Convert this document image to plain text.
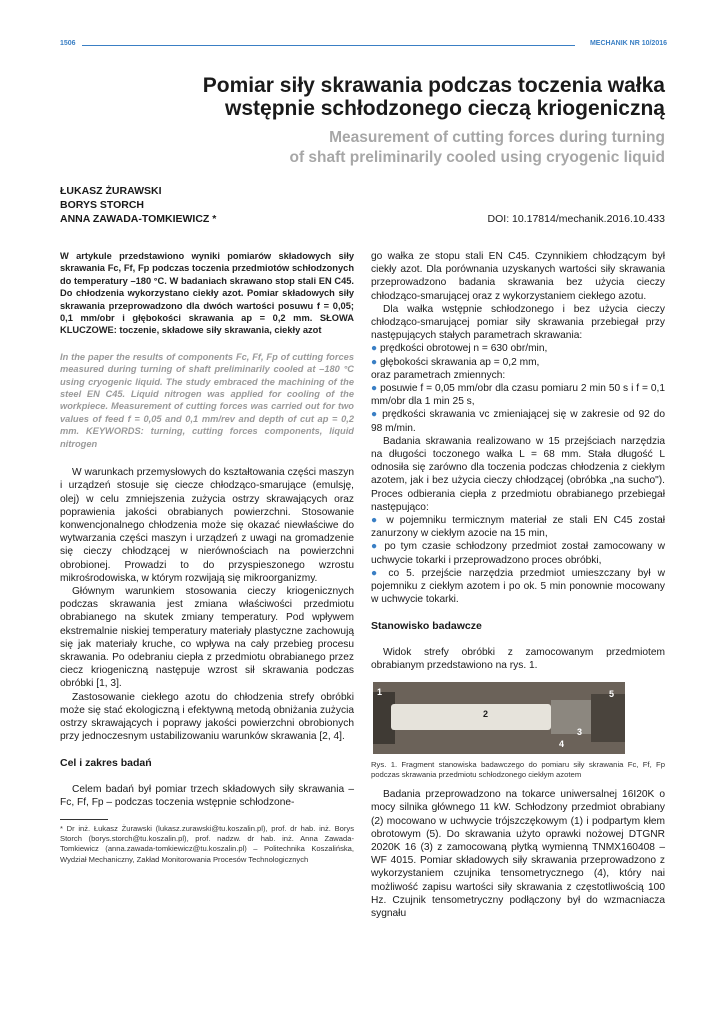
1506	MECHANIK NR 10/2016
Pomiar siły skrawania podczas toczenia wałka
wstępnie schłodzonego cieczą kriogeniczną
Measurement of cutting forces during turning
of shaft preliminarily cooled using cryogenic liquid
ŁUKASZ ŻURAWSKI
BORYS STORCH
ANNA ZAWADA-TOMKIEWICZ *	DOI: 10.17814/mechanik.2016.10.433

W artykule przedstawiono wyniki pomiarów składowych siły skrawania Fc, Ff, Fp podczas toczenia przedmiotów schłodzonych do temperatury –180 °C. W badaniach skrawano stop stali EN C45. Do chłodzenia wykorzystano ciekły azot. Pomiar składowych siły skrawania przeprowadzono dla dwóch wartości posuwu f = 0,05; 0,1 mm/obr i głębokości skrawania ap = 0,2 mm. SŁOWA KLUCZOWE: toczenie, składowe siły skrawania, ciekły azot

In the paper the results of components Fc, Ff, Fp of cutting forces measured during turning of shaft preliminarily cooled at –180 °C using cryogenic liquid. The study embraced the machining of the steel EN C45. Liquid nitrogen was applied for cooling of the workpiece. Measurement of cutting forces was carried out for two values of feed f = 0,05 and 0,1 mm/rev and depth of cut ap = 0,2 mm. KEYWORDS: turning, cutting forces components, liquid nitrogen

W warunkach przemysłowych do kształtowania części maszyn i urządzeń stosuje się ciecze chłodząco-smarujące (emulsję, olej) w celu zmniejszenia zużycia ostrzy skrawających oraz poprawienia jakości obrabianych powierzchni. Stosowanie konwencjonalnego chłodzenia może się okazać niewłaściwe do wytwarzania części maszyn i urządzeń z uwagi na gromadzenie się cieczy chłodzącej w nierównościach na powierzchni obrobionej. Prowadzi to do przyspieszonego wzrostu mikrośrodowiska, w którym rozwijają się mikroorganizmy.

Głównym warunkiem stosowania cieczy kriogenicznych podczas skrawania jest zmiana właściwości przedmiotu obrabianego na skutek zmiany temperatury. Pod wpływem ekstremalnie niskiej temperatury materiały plastyczne zachowują się jak materiały kruche, co wpływa na cały przebieg procesu skrawania. Po odebraniu ciepła z przedmiotu obrabianego przez ciecz kriogeniczną następuje wzrost sił skrawania podczas obróbki [1, 3].

Zastosowanie ciekłego azotu do chłodzenia strefy obróbki może się stać ekologiczną i efektywną metodą obniżania zużycia ostrzy skrawających i poprawy jakości powierzchni obrobionych przy jednoczesnym ustabilizowaniu warunków skrawania [2, 4].

Cel i zakres badań

Celem badań był pomiar trzech składowych siły skrawania – Fc, Ff, Fp – podczas toczenia wstępnie schłodzone-

* Dr inż. Łukasz Żurawski (lukasz.zurawski@tu.koszalin.pl), prof. dr hab. inż. Borys Storch (borys.storch@tu.koszalin.pl), prof. nadzw. dr hab. inż. Anna Zawada-Tomkiewicz (anna.zawada-tomkiewicz@tu.koszalin.pl) – Politechnika Koszalińska, Wydział Mechaniczny, Zakład Monitorowania Procesów Technologicznych

go wałka ze stopu stali EN C45. Czynnikiem chłodzącym był ciekły azot. Dla porównania uzyskanych wartości siły skrawania przeprowadzono badania skrawania bez użycia cieczy chłodząco-smarującej oraz z wykorzystaniem ciekłego azotu.

Dla wałka wstępnie schłodzonego i bez użycia cieczy chłodząco-smarującej pomiar siły skrawania przebiegał przy następujących stałych parametrach skrawania:

● prędkości obrotowej n = 630 obr/min,

● głębokości skrawania ap = 0,2 mm,

oraz parametrach zmiennych:

● posuwie f = 0,05 mm/obr dla czasu pomiaru 2 min 50 s i f = 0,1 mm/obr dla 1 min 25 s,

● prędkości skrawania vc zmieniającej się w zakresie od 92 do 98 m/min.

Badania skrawania realizowano w 15 przejściach narzędzia na długości toczonego wałka L = 68 mm. Stała długość L odnosiła się zarówno dla toczenia podczas chłodzenia z ciekłym azotem, jak i bez użycia cieczy chłodzącej (obróbka „na sucho"). Proces odbierania ciepła z przedmiotu obrabianego przebiegał następująco:

● w pojemniku termicznym materiał ze stali EN C45 został zanurzony w ciekłym azocie na 15 min,

● po tym czasie schłodzony przedmiot został zamocowany w uchwycie tokarki i przeprowadzono proces obróbki,

● co 5. przejście narzędzia przedmiot umieszczany był w pojemniku z ciekłym azotem i po ok. 5 min ponownie mocowany w uchwycie tokarki.

Stanowisko badawcze

Widok strefy obróbki z zamocowanym przedmiotem obrabianym przedstawiono na rys. 1.

1
2
3
4
5

Rys. 1. Fragment stanowiska badawczego do pomiaru siły skrawania Fc, Ff, Fp podczas skrawania przedmiotu schłodzonego ciekłym azotem

Badania przeprowadzono na tokarce uniwersalnej 16I20K o mocy silnika głównego 11 kW. Schłodzony przedmiot obrabiany (2) mocowano w uchwycie trójszczękowym (1) i podpartym kłem obrotowym (5). Do skrawania użyto oprawki nożowej DTGNR 2020K 16 (3) z zamocowaną płytką wymienną TNMX160408 – WF 4015. Pomiar składowych siły skrawania przeprowadzono z wykorzystaniem czujnika tensometrycznego (4), który nai możliwość zapisu wartości siły skrawania z częstotliwością 100 Hz. Czujnik tensometryczny podłączony był do wzmacniacza sygnału
